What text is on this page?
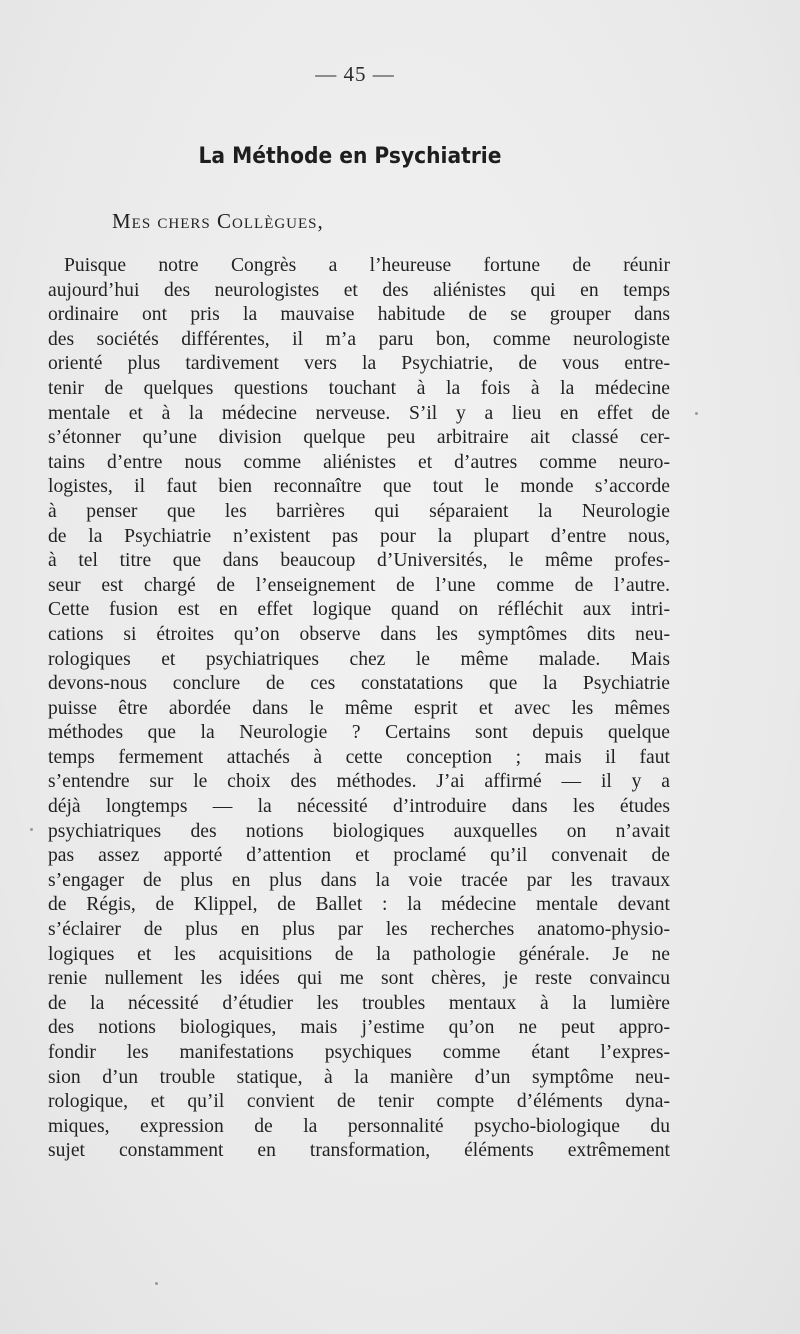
— 45 —
La Méthode en Psychiatrie
Mes chers Collègues,
Puisque notre Congrès a l’heureuse fortune de réunir
aujourd’hui des neurologistes et des aliénistes qui en temps
ordinaire ont pris la mauvaise habitude de se grouper dans
des sociétés différentes, il m’a paru bon, comme neurologiste
orienté plus tardivement vers la Psychiatrie, de vous entre-
tenir de quelques questions touchant à la fois à la médecine
mentale et à la médecine nerveuse. S’il y a lieu en effet de
s’étonner qu’une division quelque peu arbitraire ait classé cer-
tains d’entre nous comme aliénistes et d’autres comme neuro-
logistes, il faut bien reconnaître que tout le monde s’accorde
à penser que les barrières qui séparaient la Neurologie
de la Psychiatrie n’existent pas pour la plupart d’entre nous,
à tel titre que dans beaucoup d’Universités, le même profes-
seur est chargé de l’enseignement de l’une comme de l’autre.
Cette fusion est en effet logique quand on réfléchit aux intri-
cations si étroites qu’on observe dans les symptômes dits neu-
rologiques et psychiatriques chez le même malade. Mais
devons-nous conclure de ces constatations que la Psychiatrie
puisse être abordée dans le même esprit et avec les mêmes
méthodes que la Neurologie ? Certains sont depuis quelque
temps fermement attachés à cette conception ; mais il faut
s’entendre sur le choix des méthodes. J’ai affirmé — il y a
déjà longtemps — la nécessité d’introduire dans les études
psychiatriques des notions biologiques auxquelles on n’avait
pas assez apporté d’attention et proclamé qu’il convenait de
s’engager de plus en plus dans la voie tracée par les travaux
de Régis, de Klippel, de Ballet : la médecine mentale devant
s’éclairer de plus en plus par les recherches anatomo-physio-
logiques et les acquisitions de la pathologie générale. Je ne
renie nullement les idées qui me sont chères, je reste convaincu
de la nécessité d’étudier les troubles mentaux à la lumière
des notions biologiques, mais j’estime qu’on ne peut appro-
fondir les manifestations psychiques comme étant l’expres-
sion d’un trouble statique, à la manière d’un symptôme neu-
rologique, et qu’il convient de tenir compte d’éléments dyna-
miques, expression de la personnalité psycho-biologique du
sujet constamment en transformation, éléments extrêmement
